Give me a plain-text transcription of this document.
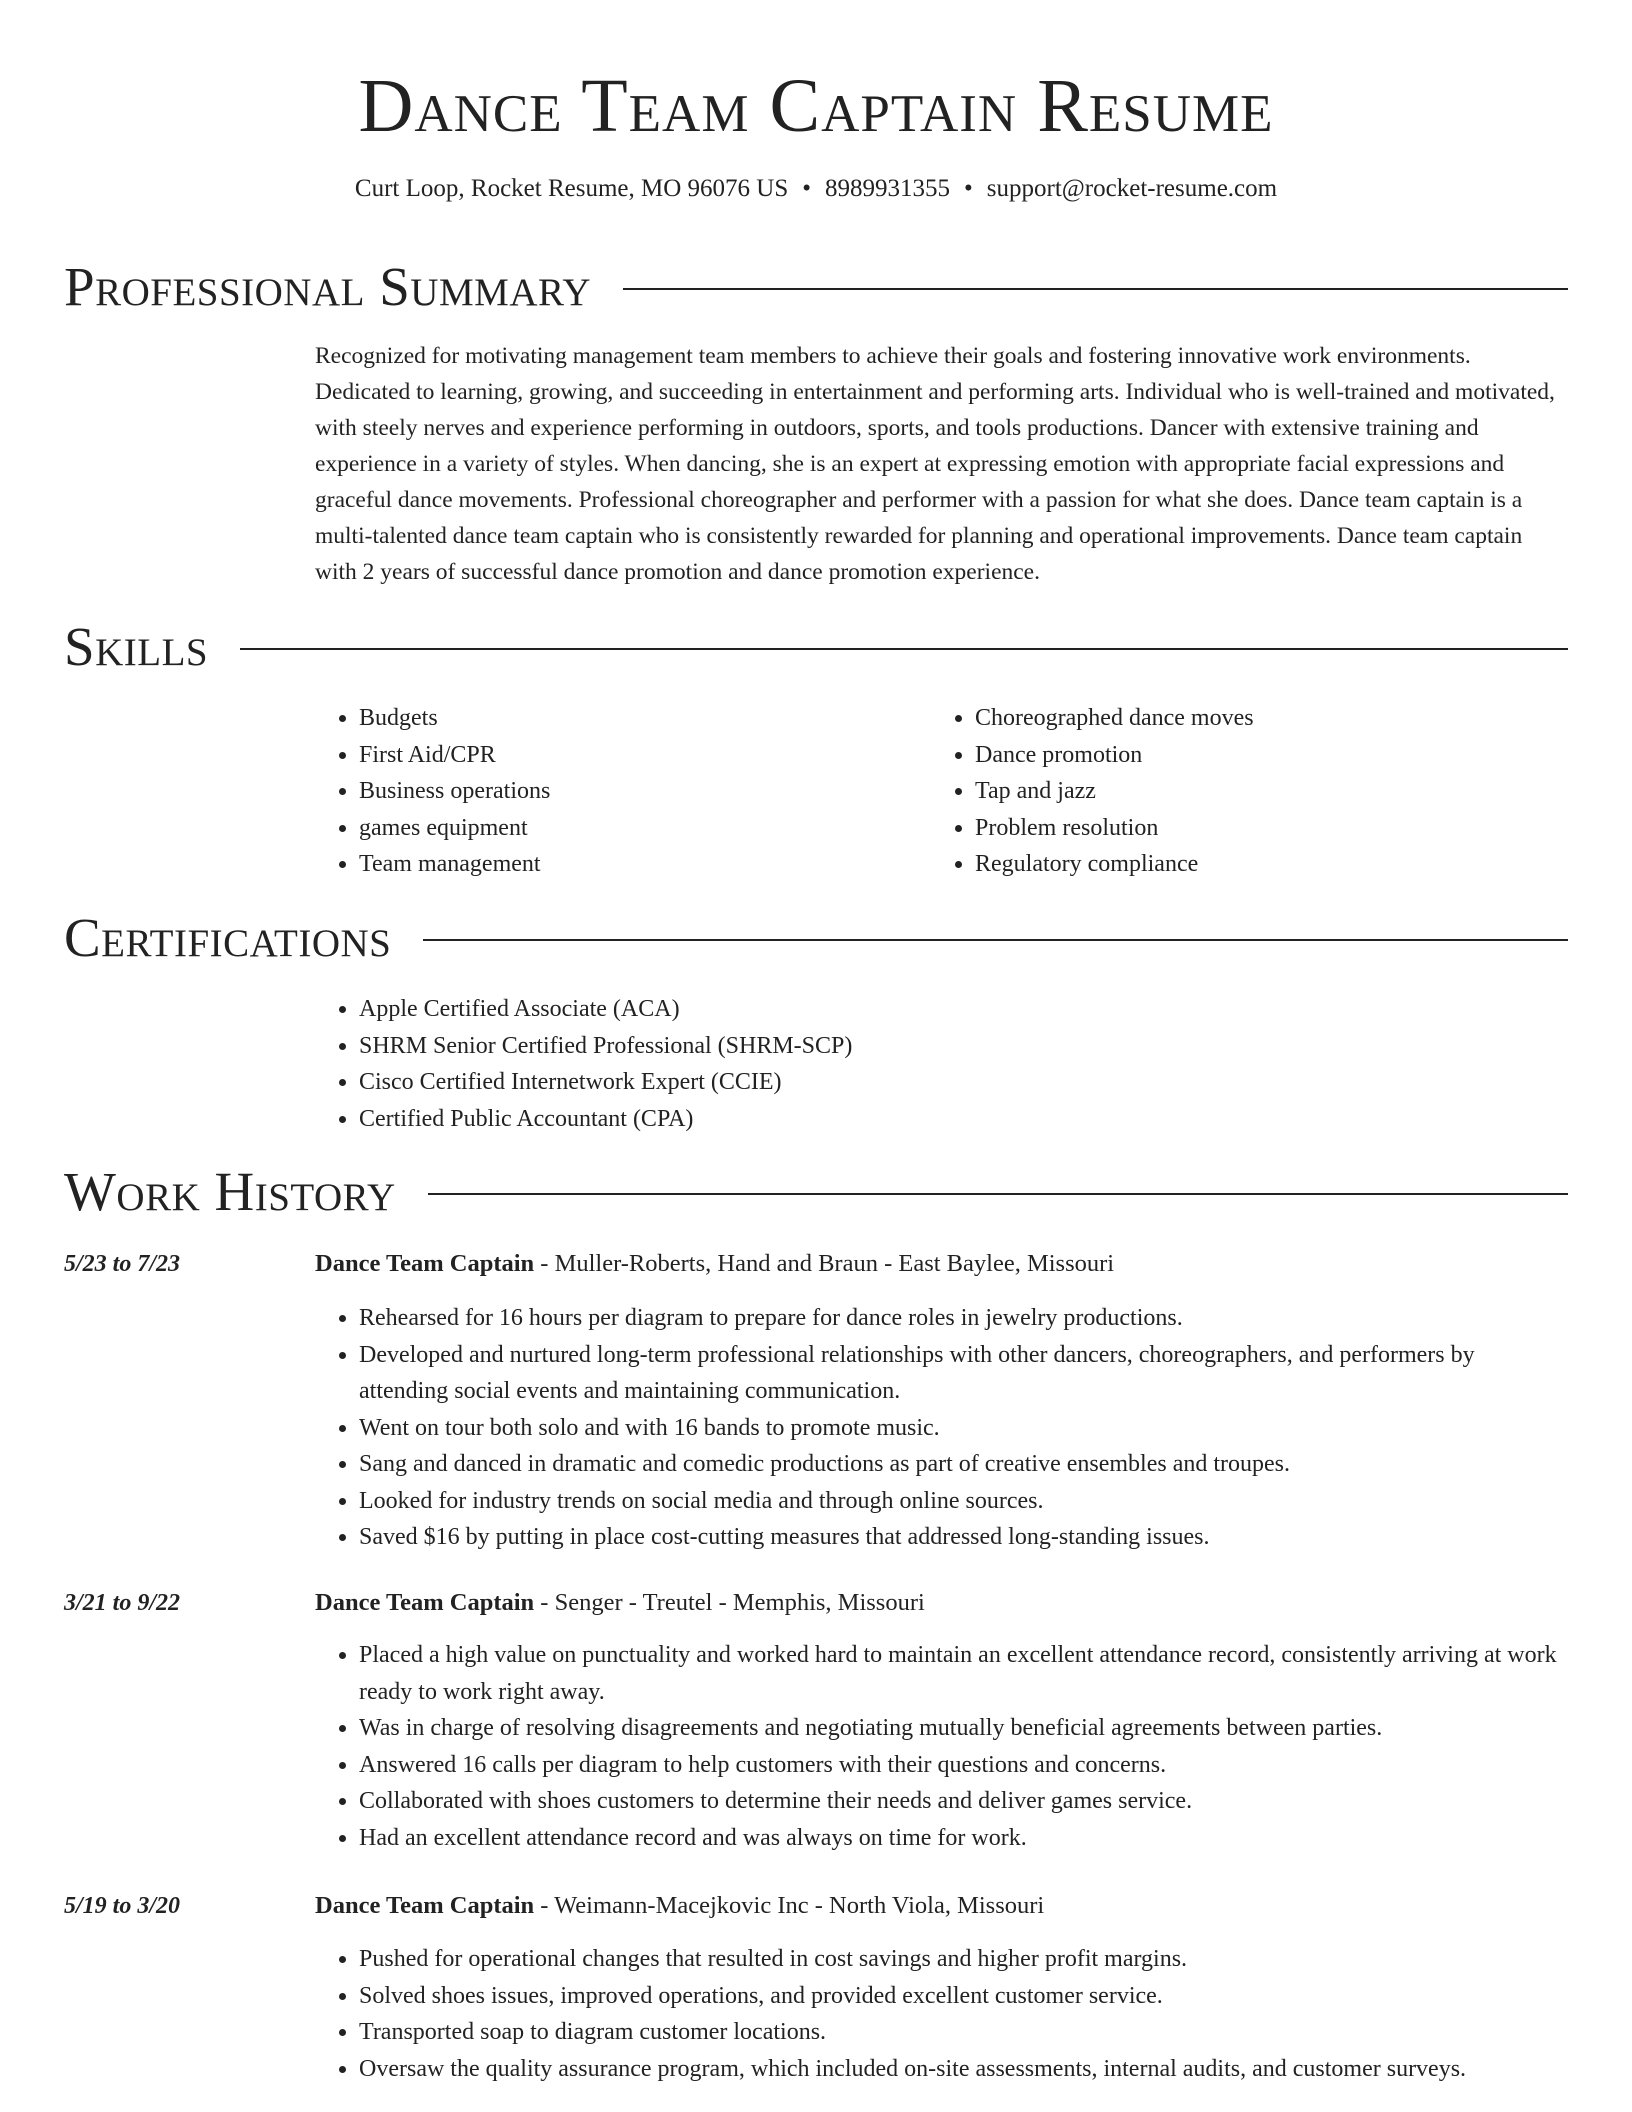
Dance Team Captain Resume
Curt Loop, Rocket Resume, MO 96076 US • 8989931355 • support@rocket-resume.com
Professional Summary

Recognized for motivating management team members to achieve their goals and fostering innovative work environments. Dedicated to learning, growing, and succeeding in entertainment and performing arts. Individual who is well-trained and motivated, with steely nerves and experience performing in outdoors, sports, and tools productions. Dancer with extensive training and experience in a variety of styles. When dancing, she is an expert at expressing emotion with appropriate facial expressions and graceful dance movements. Professional choreographer and performer with a passion for what she does. Dance team captain is a multi-talented dance team captain who is consistently rewarded for planning and operational improvements. Dance team captain with 2 years of successful dance promotion and dance promotion experience.

Skills
• Budgets
• First Aid/CPR
• Business operations
• games equipment
• Team management
• Choreographed dance moves
• Dance promotion
• Tap and jazz
• Problem resolution
• Regulatory compliance
Certifications
• Apple Certified Associate (ACA)
• SHRM Senior Certified Professional (SHRM-SCP)
• Cisco Certified Internetwork Expert (CCIE)
• Certified Public Accountant (CPA)
Work History
5/23 to 7/23	Dance Team Captain - Muller-Roberts, Hand and Braun - East Baylee, Missouri
• Rehearsed for 16 hours per diagram to prepare for dance roles in jewelry productions.
• Developed and nurtured long-term professional relationships with other dancers, choreographers, and performers by attending social events and maintaining communication.
• Went on tour both solo and with 16 bands to promote music.
• Sang and danced in dramatic and comedic productions as part of creative ensembles and troupes.
• Looked for industry trends on social media and through online sources.
• Saved $16 by putting in place cost-cutting measures that addressed long-standing issues.
3/21 to 9/22	Dance Team Captain - Senger - Treutel - Memphis, Missouri
• Placed a high value on punctuality and worked hard to maintain an excellent attendance record, consistently arriving at work ready to work right away.
• Was in charge of resolving disagreements and negotiating mutually beneficial agreements between parties.
• Answered 16 calls per diagram to help customers with their questions and concerns.
• Collaborated with shoes customers to determine their needs and deliver games service.
• Had an excellent attendance record and was always on time for work.
5/19 to 3/20	Dance Team Captain - Weimann-Macejkovic Inc - North Viola, Missouri
• Pushed for operational changes that resulted in cost savings and higher profit margins.
• Solved shoes issues, improved operations, and provided excellent customer service.
• Transported soap to diagram customer locations.
• Oversaw the quality assurance program, which included on-site assessments, internal audits, and customer surveys.
